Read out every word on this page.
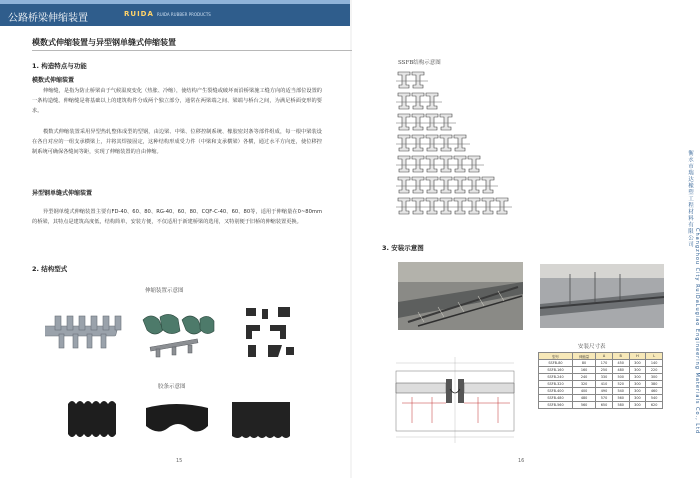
公路桥梁伸缩装置	RUIDA RUIDA RUBBER PRODUCTS
1. 构造特点与功能
模数式伸缩装置
伸缩缝，是指为防止桥梁由于气候温度变化（热胀、冷缩），使结构产生裂缝或破坏而沿桥梁施工缝方向的适当部位设置的一条构造缝。伸缩缝是将基础以上的建筑构件分成两个独立部分，通常在两梁端之间、梁端与桥台之间，为满足桥面变形的要求。
模数式伸缩装置采用异型热轧整体成型的型钢，由边梁、中梁、位移控制系统、橡胶密封条等部件组成，每一根中梁装设在各自对应的一组支承横梁上，并将其焊接固定，这种结构形成受力件（中梁和支承横梁）各横，通过水平方向连，使位移控制系统可确保各缝间等距，实现了伸缩装置的自由伸缩。
异型钢单缝式伸缩装置
异型钢单缝式伸缩装置主要有FD-40、60、80、RG-40、60、80、CQF-C-40、60、80等，适用于伸缩量在0~80mm的桥梁，其特点是建筑高度低，结构简单，安装方便，不仅适用于新建桥梁的选用，又特别便于旧桥的伸缩装置更换。
2. 结构型式
伸缩装置示意图
胶条示意图
15
模数式伸缩装置与异型钢单缝式伸缩装置
SSFB结构示意图
3. 安装示意图
安装尺寸表
型号	伸缩量	A	B	H	L
SSFB-80	80	170	450	300	140
SSFB-160	160	250	480	300	220
SSFB-240	240	330	500	300	300
SSFB-320	320	410	520	300	380
SSFB-400	400	490	540	300	460
SSFB-480	480	570	560	300	540
SSFB-560	560	650	580	300	620
16
衡水市瑞达橡塑工程材料有限公司
Changzhou City RuiDaLugiao Engineering Materials Co., Ltd
